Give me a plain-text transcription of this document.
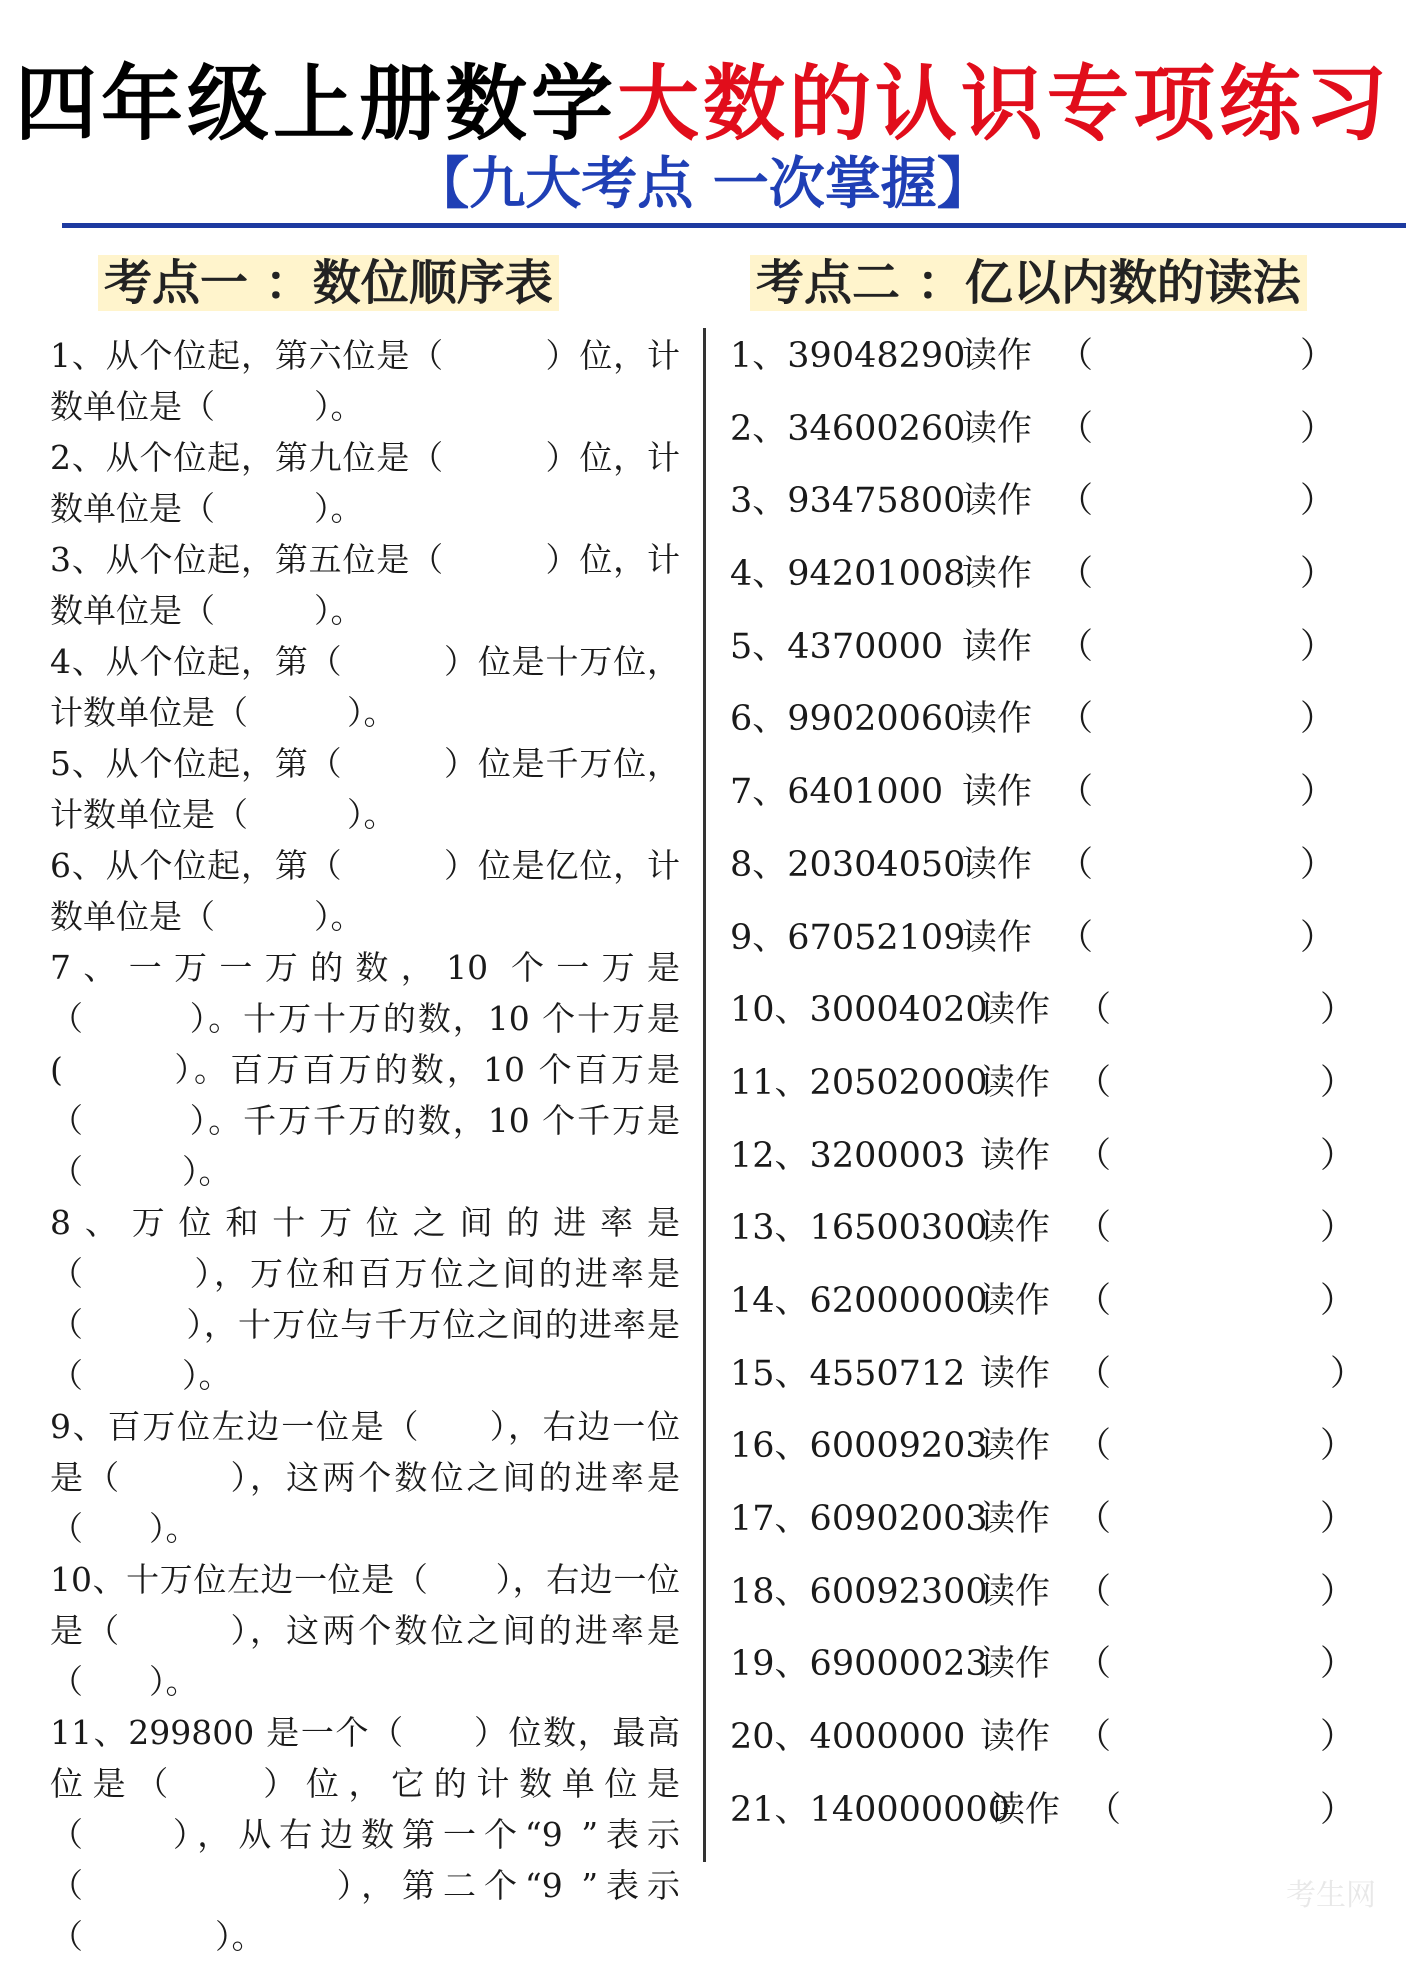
四年级上册数学大数的认识专项练习
【九大考点 一次掌握】
考点一 ：数位顺序表	考点二 ：亿以内数的读法

1、从个位起，第六位是（　　　）位，计数单位是（　　　）。

2、从个位起，第九位是（　　　）位，计数单位是（　　　）。

3、从个位起，第五位是（　　　）位，计数单位是（　　　）。

4、从个位起，第（　　　）位是十万位，计数单位是（　　　）。

5、从个位起，第（　　　）位是千万位，计数单位是（　　　）。

6、从个位起，第（　　　）位是亿位，计数单位是（　　　）。

7、一万一万的数，10 个一万是（　　　）。十万十万的数，10 个十万是(　　　）。百万百万的数，10 个百万是（　　　）。千万千万的数，10 个千万是（　　　）。

8、万位和十万位之间的进率是（　　　），万位和百万位之间的进率是（　　　），十万位与千万位之间的进率是（　　　）。

9、百万位左边一位是（　　），右边一位是（　　　），这两个数位之间的进率是（　　）。

10、十万位左边一位是（　　），右边一位是（　　　），这两个数位之间的进率是（　　）。

11、299800 是一个（　　）位数，最高位是（　　）位，它的计数单位是（　　），从右边数第一个“9 ”表示（　　　　　　），第二个“9 ”表示（　　　　）。

1、39048290
读作 （	）
2、34600260
读作 （	）
3、93475800
读作 （	）
4、94201008
读作 （	）
5、4370000 读作 （	）
6、99020060
读作 （	）
7、6401000 读作 （	）
8、20304050
读作 （	）
9、67052109
读作 （	）
10、30004020
读作 （	）
11、20502000
读作 （	）
12、3200003 读作 （	）
13、16500300
读作 （	）
14、62000000
读作 （	）
15、4550712 读作 （	）
16、60009203
读作 （	）
17、60902003
读作 （	）
18、60092300
读作 （	）
19、69000023
读作 （	）
20、4000000 读作 （	）
21、140000000
读作 （	）
考生网
